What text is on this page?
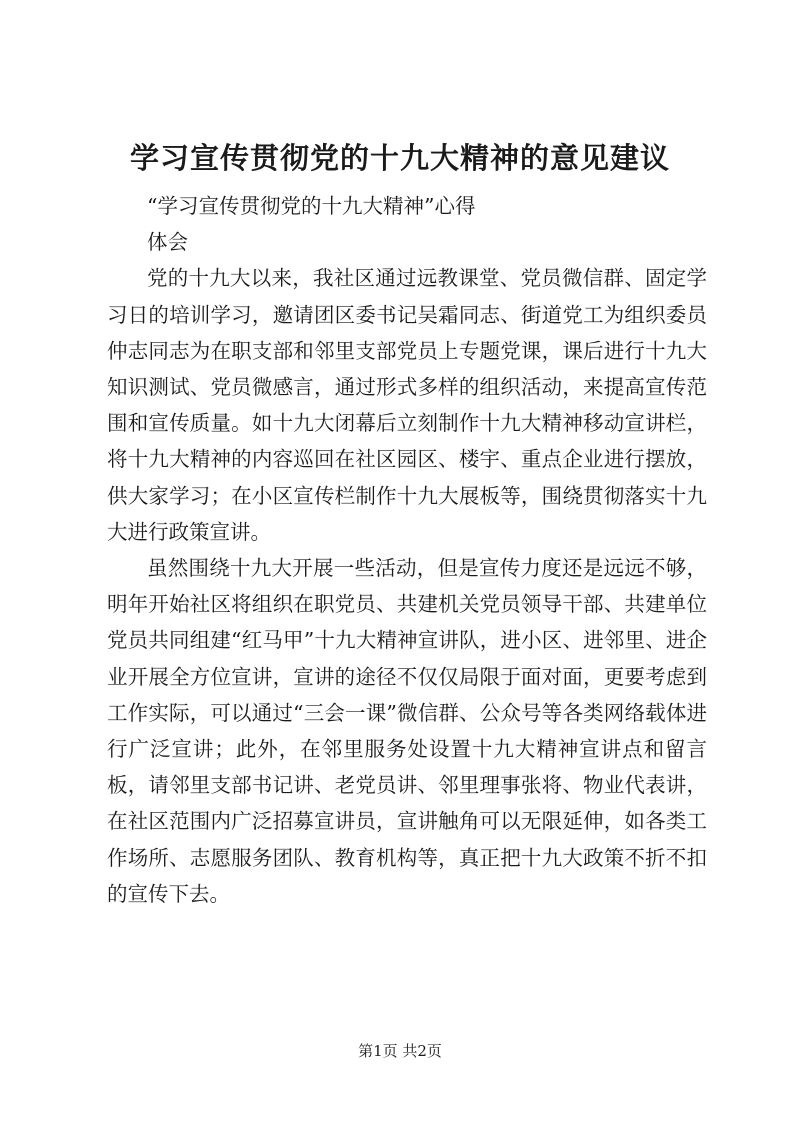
学习宣传贯彻党的十九大精神的意见建议
“学习宣传贯彻党的十九大精神”心得
体会

党的十九大以来，我社区通过远教课堂、党员微信群、固定学习日的培训学习，邀请团区委书记吴霜同志、街道党工为组织委员仲志同志为在职支部和邻里支部党员上专题党课，课后进行十九大知识测试、党员微感言，通过形式多样的组织活动，来提高宣传范围和宣传质量。如十九大闭幕后立刻制作十九大精神移动宣讲栏，将十九大精神的内容巡回在社区园区、楼宇、重点企业进行摆放，供大家学习；在小区宣传栏制作十九大展板等，围绕贯彻落实十九大进行政策宣讲。

虽然围绕十九大开展一些活动，但是宣传力度还是远远不够，明年开始社区将组织在职党员、共建机关党员领导干部、共建单位党员共同组建“红马甲”十九大精神宣讲队，进小区、进邻里、进企业开展全方位宣讲，宣讲的途径不仅仅局限于面对面，更要考虑到工作实际，可以通过“三会一课”微信群、公众号等各类网络载体进行广泛宣讲；此外，在邻里服务处设置十九大精神宣讲点和留言板，请邻里支部书记讲、老党员讲、邻里理事张将、物业代表讲，在社区范围内广泛招募宣讲员，宣讲触角可以无限延伸，如各类工作场所、志愿服务团队、教育机构等，真正把十九大政策不折不扣的宣传下去。

第1页 共2页
